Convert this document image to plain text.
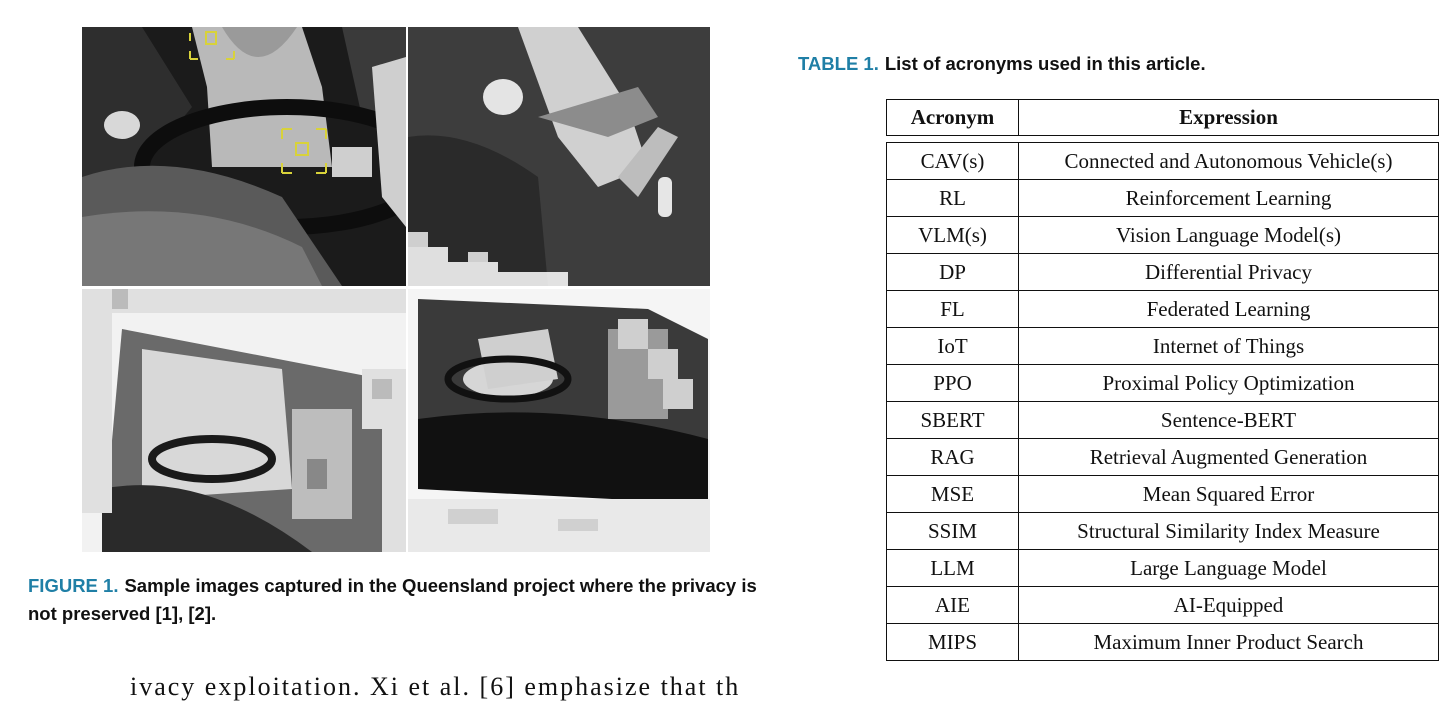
FIGURE 1. Sample images captured in the Queensland project where the privacy is not preserved [1], [2].
ivacy exploitation. Xi et al. [6] emphasize that th
TABLE 1. List of acronyms used in this article.
Acronym	Expression

CAV(s)	Connected and Autonomous Vehicle(s)
RL	Reinforcement Learning
VLM(s)	Vision Language Model(s)
DP	Differential Privacy
FL	Federated Learning
IoT	Internet of Things
PPO	Proximal Policy Optimization
SBERT	Sentence-BERT
RAG	Retrieval Augmented Generation
MSE	Mean Squared Error
SSIM	Structural Similarity Index Measure
LLM	Large Language Model
AIE	AI-Equipped
MIPS	Maximum Inner Product Search
